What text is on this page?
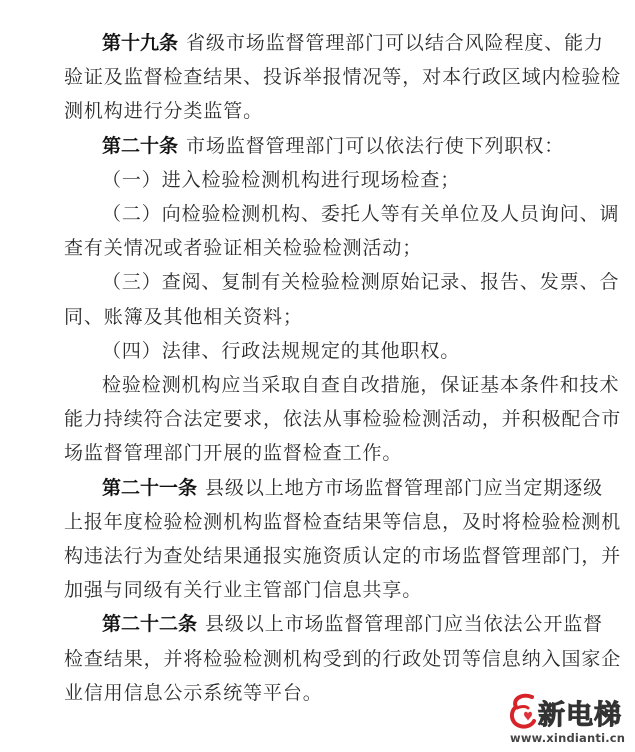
第十九条 省级市场监督管理部门可以结合风险程度、能力
验证及监督检查结果、投诉举报情况等，对本行政区域内检验检
测机构进行分类监管。
第二十条 市场监督管理部门可以依法行使下列职权：
（一）进入检验检测机构进行现场检查；
（二）向检验检测机构、委托人等有关单位及人员询问、调
查有关情况或者验证相关检验检测活动；
（三）查阅、复制有关检验检测原始记录、报告、发票、合
同、账簿及其他相关资料；
（四）法律、行政法规规定的其他职权。
检验检测机构应当采取自查自改措施，保证基本条件和技术
能力持续符合法定要求，依法从事检验检测活动，并积极配合市
场监督管理部门开展的监督检查工作。
第二十一条 县级以上地方市场监督管理部门应当定期逐级
上报年度检验检测机构监督检查结果等信息，及时将检验检测机
构违法行为查处结果通报实施资质认定的市场监督管理部门，并
加强与同级有关行业主管部门信息共享。
第二十二条 县级以上市场监督管理部门应当依法公开监督
检查结果，并将检验检测机构受到的行政处罚等信息纳入国家企
业信用信息公示系统等平台。
新电梯
www.xindianti.cn
